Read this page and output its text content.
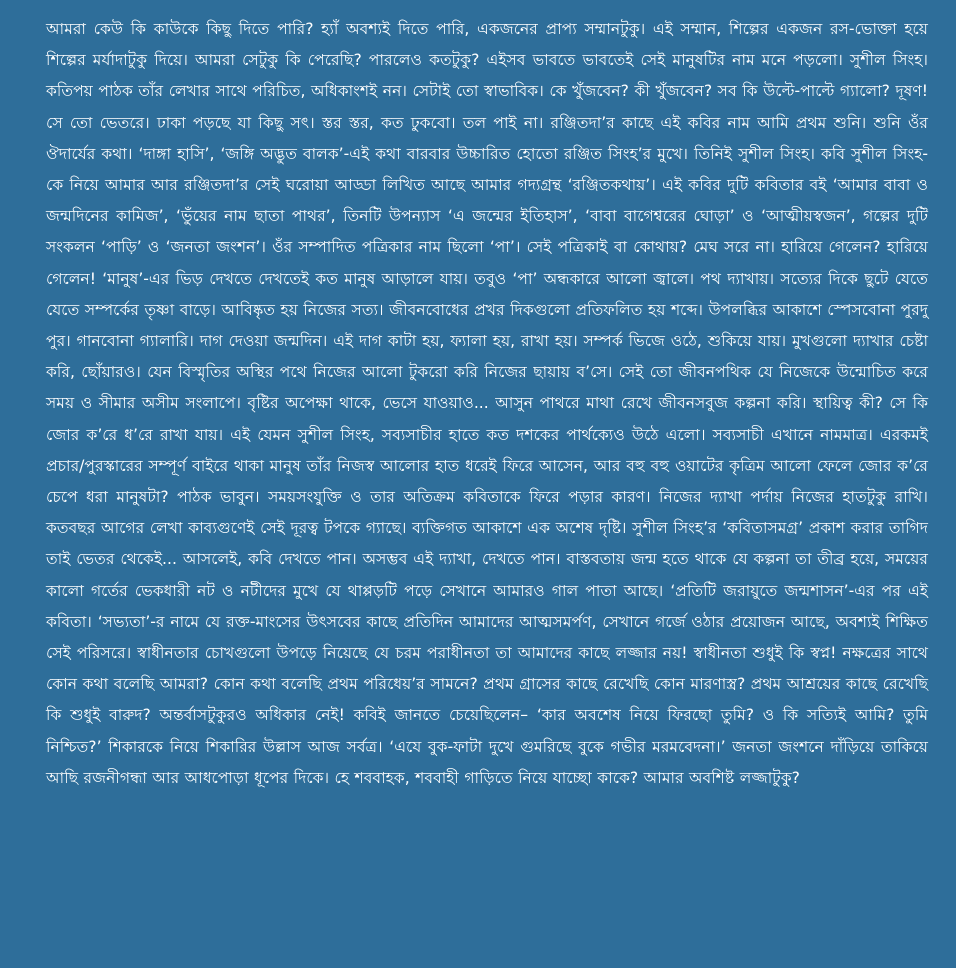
আমরা কেউ কি কাউকে কিছু দিতে পারি? হ্যাঁ অবশ্যই দিতে পারি, একজনের প্রাপ্য সম্মানটুকু। এই সম্মান, শিল্পের একজন রস-ভোক্তা হয়ে শিল্পের মর্যাদাটুকু দিয়ে। আমরা সেটুকু কি পেরেছি? পারলেও কতটুকু? এইসব ভাবতে ভাবতেই সেই মানুষটির নাম মনে পড়লো। সুশীল সিংহ। কতিপয় পাঠক তাঁর লেখার সাথে পরিচিত, অধিকাংশই নন। সেটাই তো স্বাভাবিক। কে খুঁজবেন? কী খুঁজবেন? সব কি উল্টে-পাল্টে গ্যালো? দূষণ! সে তো ভেতরে। ঢাকা পড়ছে যা কিছু সৎ। স্তর স্তর, কত ঢুকবো। তল পাই না। রঞ্জিতদা’র কাছে এই কবির নাম আমি প্রথম শুনি। শুনি ওঁর ঔদার্যের কথা। ‘দাঙ্গা হাসি’, ‘জঙ্গি অদ্ভুত বালক’-এই কথা বারবার উচ্চারিত হোতো রঞ্জিত সিংহ’র মুখে। তিনিই সুশীল সিংহ। কবি সুশীল সিংহ-কে নিয়ে আমার আর রঞ্জিতদা’র সেই ঘরোয়া আড্ডা লিখিত আছে আমার গদ্যগ্রন্থ ‘রঞ্জিতকথায়’। এই কবির দুটি কবিতার বই ‘আমার বাবা ও জন্মদিনের কামিজ’, ‘ভুঁয়ের নাম ছাতা পাথর’, তিনটি উপন্যাস ‘এ জন্মের ইতিহাস’, ‘বাবা বাগেশ্বরের ঘোড়া’ ও ‘আত্মীয়স্বজন’, গল্পের দুটি সংকলন ‘পাড়ি’ ও ‘জনতা জংশন’। ওঁর সম্পাদিত পত্রিকার নাম ছিলো ‘পা’। সেই পত্রিকাই বা কোথায়? মেঘ সরে না। হারিয়ে গেলেন? হারিয়ে গেলেন! ‘মানুষ’-এর ভিড় দেখতে দেখতেই কত মানুষ আড়ালে যায়। তবুও ‘পা’ অন্ধকারে আলো জ্বালে। পথ দ্যাখায়। সত্যের দিকে ছুটে যেতে যেতে সম্পর্কের তৃষ্ণা বাড়ে। আবিষ্কৃত হয় নিজের সত্য। জীবনবোধের প্রখর দিকগুলো প্রতিফলিত হয় শব্দে। উপলব্ধির আকাশে স্পেসবোনা পুরদু পুর। গানবোনা গ্যালারি। দাগ দেওয়া জন্মদিন। এই দাগ কাটা হয়, ফ্যালা হয়, রাখা হয়। সম্পর্ক ভিজে ওঠে, শুকিয়ে যায়। মুখগুলো দ্যাখার চেষ্টা করি, ছোঁয়ারও। যেন বিস্মৃতির অস্থির পথে নিজের আলো টুকরো করি নিজের ছায়ায় ব’সে। সেই তো জীবনপথিক যে নিজেকে উন্মোচিত করে সময় ও সীমার অসীম সংলাপে। বৃষ্টির অপেক্ষা থাকে, ভেসে যাওয়াও... আসুন পাথরে মাথা রেখে জীবনসবুজ কল্পনা করি। স্থায়িত্ব কী? সে কি জোর ক’রে ধ’রে রাখা যায়। এই যেমন সুশীল সিংহ, সব্যসাচীর হাতে কত দশকের পার্থক্যেও উঠে এলো। সব্যসাচী এখানে নামমাত্র। এরকমই প্রচার/পুরস্কারের সম্পূর্ণ বাইরে থাকা মানুষ তাঁর নিজস্ব আলোর হাত ধরেই ফিরে আসেন, আর বহু বহু ওয়াটের কৃত্রিম আলো ফেলে জোর ক’রে চেপে ধরা মানুষটা? পাঠক ভাবুন। সময়সংযুক্তি ও তার অতিক্রম কবিতাকে ফিরে পড়ার কারণ। নিজের দ্যাখা পর্দায় নিজের হাতটুকু রাখি। কতবছর আগের লেখা কাব্যগুণেই সেই দূরত্ব টপকে গ্যাছে। ব্যক্তিগত আকাশে এক অশেষ দৃষ্টি। সুশীল সিংহ’র ‘কবিতাসমগ্র’ প্রকাশ করার তাগিদ তাই ভেতর থেকেই... আসলেই, কবি দেখতে পান। অসম্ভব এই দ্যাখা, দেখতে পান। বাস্তবতায় জন্ম হতে থাকে যে কল্পনা তা তীব্র হয়ে, সময়ের কালো গর্তের ভেকধারী নট ও নটীদের মুখে যে থাপ্পড়টি পড়ে সেখানে আমারও গাল পাতা আছে। ‘প্রতিটি জরায়ুতে জন্মশাসন’-এর পর এই কবিতা। ‘সভ্যতা’-র নামে যে রক্ত-মাংসের উৎসবের কাছে প্রতিদিন আমাদের আত্মসমর্পণ, সেখানে গর্জে ওঠার প্রয়োজন আছে, অবশ্যই শিক্ষিত সেই পরিসরে। স্বাধীনতার চোখগুলো উপড়ে নিয়েছে যে চরম পরাধীনতা তা আমাদের কাছে লজ্জার নয়! স্বাধীনতা শুধুই কি স্বপ্ন! নক্ষত্রের সাথে কোন কথা বলেছি আমরা? কোন কথা বলেছি প্রথম পরিধেয়’র সামনে? প্রথম গ্রাসের কাছে রেখেছি কোন মারণাস্ত্র? প্রথম আশ্রয়ের কাছে রেখেছি কি শুধুই বারুদ? অন্তর্বাসটুকুরও অধিকার নেই! কবিই জানতে চেয়েছিলেন– ‘কার অবশেষ নিয়ে ফিরছো তুমি? ও কি সত্যিই আমি? তুমি নিশ্চিত?’ শিকারকে নিয়ে শিকারির উল্লাস আজ সর্বত্র। ‘এযে বুক-ফাটা দুখে গুমরিছে বুকে গভীর মরমবেদনা।’ জনতা জংশনে দাঁড়িয়ে তাকিয়ে আছি রজনীগন্ধা আর আধপোড়া ধূপের দিকে। হে শববাহক, শববাহী গাড়িতে নিয়ে যাচ্ছো কাকে? আমার অবশিষ্ট লজ্জাটুকু?
